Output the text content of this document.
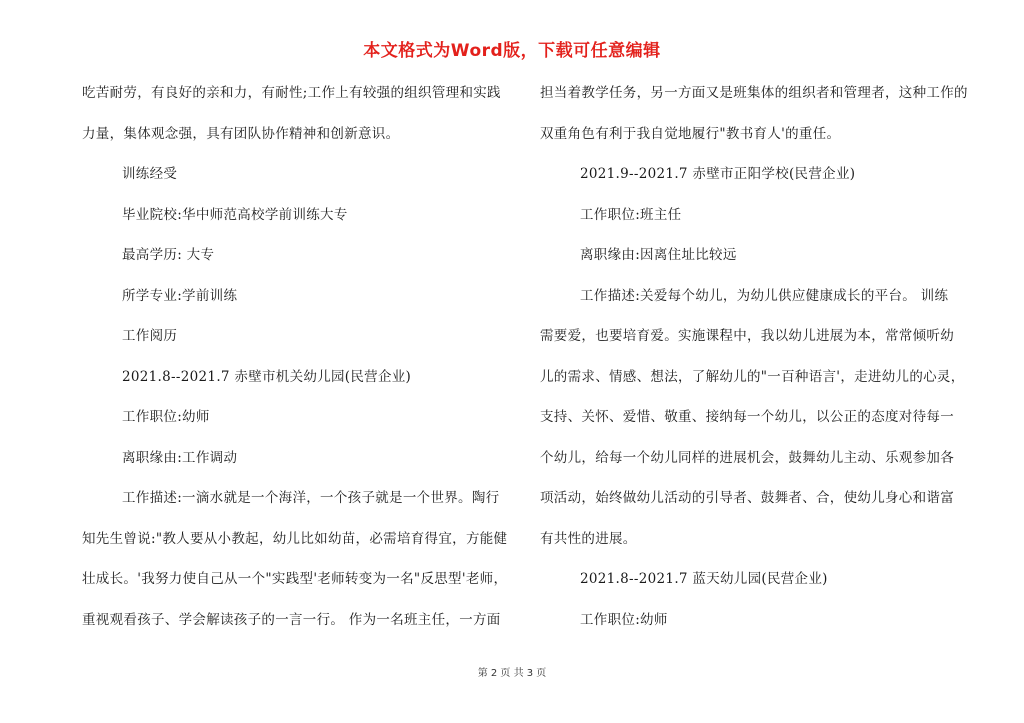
本文格式为Word版，下载可任意编辑
吃苦耐劳，有良好的亲和力，有耐性;工作上有较强的组织管理和实践
力量，集体观念强，具有团队协作精神和创新意识。
训练经受
毕业院校:华中师范高校学前训练大专
最高学历: 大专
所学专业:学前训练
工作阅历
2021.8--2021.7 赤壁市机关幼儿园(民营企业)
工作职位:幼师
离职缘由:工作调动
工作描述:一滴水就是一个海洋，一个孩子就是一个世界。陶行
知先生曾说:"教人要从小教起，幼儿比如幼苗，必需培育得宜，方能健
壮成长。'我努力使自己从一个"实践型'老师转变为一名"反思型'老师，
重视观看孩子、学会解读孩子的一言一行。 作为一名班主任，一方面
担当着教学任务，另一方面又是班集体的组织者和管理者，这种工作的
双重角色有利于我自觉地履行"教书育人'的重任。
2021.9--2021.7 赤壁市正阳学校(民营企业)
工作职位:班主任
离职缘由:因离住址比较远
工作描述:关爱每个幼儿，为幼儿供应健康成长的平台。 训练
需要爱，也要培育爱。实施课程中，我以幼儿进展为本，常常倾听幼
儿的需求、情感、想法，了解幼儿的"一百种语言'，走进幼儿的心灵，
支持、关怀、爱惜、敬重、接纳每一个幼儿，以公正的态度对待每一
个幼儿，给每一个幼儿同样的进展机会，鼓舞幼儿主动、乐观参加各
项活动，始终做幼儿活动的引导者、鼓舞者、合，使幼儿身心和谐富
有共性的进展。
2021.8--2021.7 蓝天幼儿园(民营企业)
工作职位:幼师
第 2 页 共 3 页
